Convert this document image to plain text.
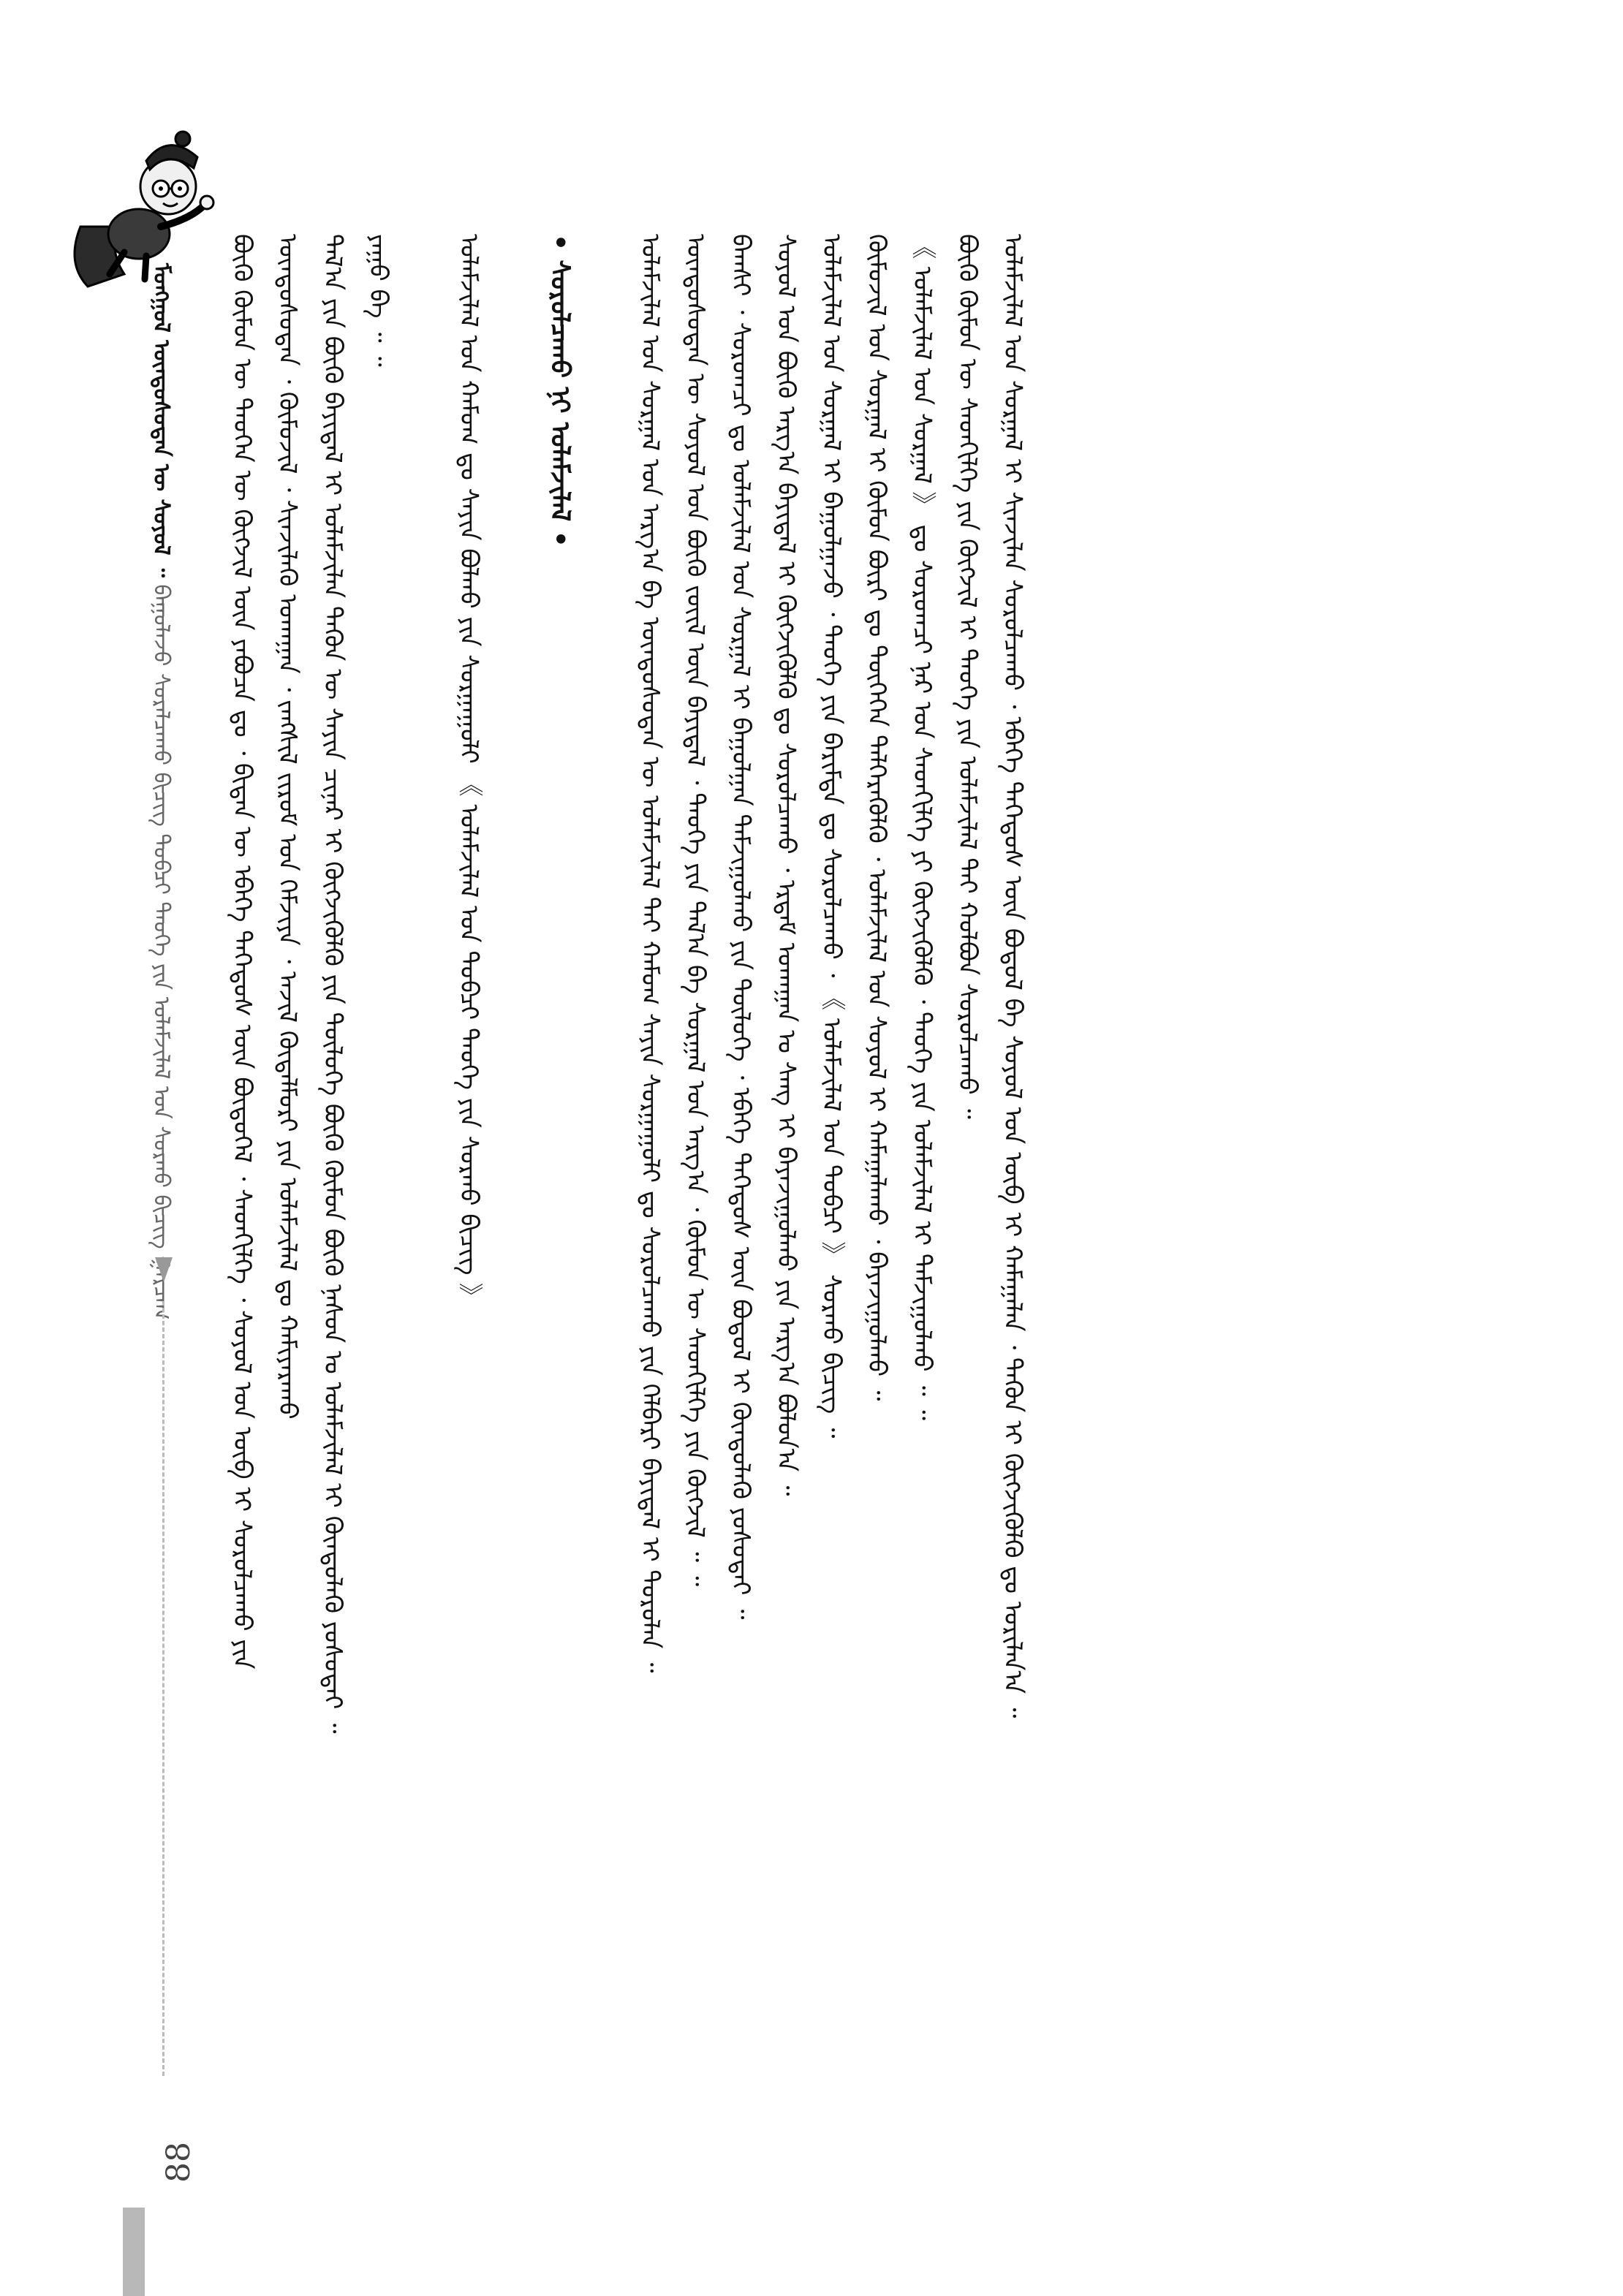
ᠮᠣᠩᠭᠣᠯ ᠦᠨᠳᠦᠰᠦᠲᠡᠨ ᠦ ᠰᠣᠶᠣᠯ ᠃ ᠪᠠᠭᠤᠯᠠᠵᠤ ᠰᠤᠷᠠᠯᠴᠠᠬᠤ ᠪᠢᠴᠢᠭ ᠲᠣᠪᠴᠢ ᠲᠡᠦᠬᠡ ᠶᠢᠨ ᠤᠯᠠᠮᠵᠢᠯᠠᠯ ᠤᠨ ᠰᠤᠷᠬᠤ ᠪᠢᠴᠢᠭ ᠭᠠᠷᠴᠠᠭ	ᠪᠦᠬᠦ ᠬᠦᠮᠦᠨ ᠦ ᠲᠡᠦᠬᠡᠨ ᠦ ᠬᠥᠭᠵᠢᠯ ᠦᠨ ᠶᠠᠪᠤᠴᠠ ᠳᠤ ᠂ ᠪᠢᠳᠡᠨ ᠦ ᠡᠪᠡᠭᠡ ᠳᠡᠭᠡᠳᠦᠰ ᠦᠨ ᠪᠦᠲᠦᠭᠡᠯ ᠂ ᠰᠡᠳᠬᠢᠯᠭᠡ ᠂ ᠰᠤᠶᠤᠯ ᠤᠨ ᠥᠪ ᠢ ᠰᠤᠷᠤᠯᠴᠠᠬᠤ ᠶᠢᠨ ᠦᠨᠳᠦᠰᠦᠲᠡᠨ ᠂ ᠬᠥᠮᠦᠵᠢᠯ ᠂ ᠰᠢᠨᠵᠢᠯᠡᠬᠦ ᠤᠬᠠᠭᠠᠨ ᠂ ᠵᠠᠩᠰᠢᠯ ᠵᠢᠷᠤᠮ ᠤᠨ ᠬᠡᠮᠵᠢᠶᠡ ᠂ ᠠᠵᠢᠯ ᠬᠥᠳᠡᠯᠮᠦᠷᠢ ᠶᠢᠨ ᠤᠯᠠᠮᠵᠢᠯᠠᠯ ᠳᠤ ᠬᠠᠮᠢᠶᠠᠷᠠᠬᠤ ᠲᠠᠯ᠎ᠠ ᠶᠢᠨ ᠪᠦᠬᠦ ᠪᠠᠶᠢᠳᠠᠯ ᠢ ᠤᠯᠠᠮᠵᠢᠯᠠᠨ ᠲᠡᠭᠦᠨ ᠦ ᠰᠠᠶᠢᠨ ᠴᠢᠨᠠᠷ ᠢ ᠬᠥᠭᠵᠢᠭᠦᠯᠬᠦ ᠶᠢᠨ ᠲᠥᠯᠦᠭᠡ ᠪᠦᠬᠦ ᠬᠦᠮᠦᠨ ᠪᠦᠬᠦ ᠨᠠᠰᠤᠨ ᠤ ᠤᠯᠠᠮᠵᠢᠯᠠᠯ ᠢ ᠬᠦᠨᠳᠦᠯᠡᠬᠦ ᠶᠣᠰᠣᠳᠠᠢ ᠃ ᠶᠠᠭᠤ ᠪᠡ ᠃ ᠃	ᠤᠯᠠᠮᠵᠢᠯᠠᠯ ᠤᠨ ᠬᠠᠮᠤᠭ ᠳᠤ ᠰᠠᠶᠢᠨ ᠪᠣᠯᠬᠤ ᠶᠢᠨ ᠰᠤᠷᠭᠠᠭᠤᠯᠢ 《 ᠤᠯᠠᠮᠵᠢᠯᠠᠯ ᠤᠨ ᠲᠣᠪᠴᠢ ᠲᠡᠦᠬᠡ ᠶᠢᠨ ᠰᠤᠷᠬᠤ ᠪᠢᠴᠢᠭ 》	• ᠰᠤᠷᠤᠯᠴᠠᠬᠤ ᠨᠢ ᠤᠯᠠᠮᠵᠢᠯᠠᠯ •	ᠤᠯᠠᠮᠵᠢᠯᠠᠯ ᠤᠨ ᠰᠤᠷᠭᠠᠯ ᠤᠨ ᠠᠷᠭ᠎ᠠ ᠪᠠ ᠦᠨᠳᠦᠰᠦᠲᠡᠨ ᠦ ᠤᠯᠠᠮᠵᠢᠯᠠᠯ ᠲᠠᠢ ᠬᠠᠮᠤᠭ ᠰᠠᠶᠢᠨ ᠰᠤᠷᠭᠠᠭᠤᠯᠢ ᠳᠤ ᠰᠤᠷᠤᠯᠴᠠᠬᠤ ᠶᠢᠨ ᠬᠡᠯᠪᠡᠷᠢ ᠪᠠᠶᠢᠳᠠᠯ ᠢ ᠳᠣᠷᠤᠯᠠᠨ ᠃ ᠦᠨᠳᠦᠰᠦᠲᠡᠨ ᠦ ᠰᠤᠶᠤᠯ ᠤᠨ ᠪᠦᠬᠦ ᠵᠦᠢᠯ ᠦᠨ ᠪᠠᠶᠢᠳᠠᠯ ᠂ ᠲᠡᠦᠬᠡ ᠶᠢᠨ ᠲᠠᠯ᠎ᠠ ᠪᠠ ᠰᠤᠷᠭᠠᠯ ᠤᠨ ᠠᠷᠭ᠎ᠠ ᠂ ᠬᠦᠮᠦᠨ ᠦ ᠰᠡᠳᠬᠢᠯᠭᠡ ᠶᠢᠨ ᠬᠥᠭᠵᠢᠯ ᠃ ᠃ ᠪᠠᠭᠰᠢ ᠂ ᠰᠤᠷᠤᠭᠴᠢ ᠳᠤ ᠤᠯᠠᠮᠵᠢᠯᠠᠯ ᠤᠨ ᠰᠤᠷᠭᠠᠯ ᠢ ᠪᠠᠭᠤᠯᠭᠠᠨ ᠳᠠᠮᠵᠢᠭᠤᠯᠬᠤ ᠶᠢᠨ ᠲᠥᠯᠦᠭᠡ ᠂ ᠡᠪᠡᠭᠡ ᠳᠡᠭᠡᠳᠦᠰ ᠦᠨ ᠪᠣᠳᠤᠯ ᠢ ᠬᠦᠨᠳᠦᠯᠡᠬᠦ ᠶᠣᠰᠣᠳᠠᠢ ᠃ ᠰᠤᠶᠤᠯ ᠤᠨ ᠪᠦᠬᠦ ᠠᠷᠭ᠎ᠠ ᠪᠠᠶᠢᠳᠠᠯ ᠢ ᠬᠥᠭᠵᠢᠭᠦᠯᠬᠦ ᠳᠤ ᠰᠤᠷᠤᠯᠴᠠᠬᠤ ᠂ ᠡᠷᠳᠡᠮ ᠤᠬᠠᠭᠠᠨ ᠤ ᠰᠠᠩ ᠢ ᠪᠠᠶᠠᠵᠢᠭᠤᠯᠬᠤ ᠶᠢᠨ ᠠᠷᠭ᠎ᠠ ᠪᠣᠯᠤᠨ᠎ᠠ ᠃ ᠤᠯᠠᠮᠵᠢᠯᠠᠯ ᠤᠨ ᠰᠤᠷᠭᠠᠯ ᠢ ᠪᠠᠭᠤᠯᠭᠠᠵᠤ ᠂ ᠲᠡᠦᠬᠡ ᠶᠢᠨ ᠪᠠᠷᠢᠮᠲᠠ ᠳᠤ ᠰᠤᠷᠤᠯᠴᠠᠬᠤ ᠂ 《 ᠤᠯᠠᠮᠵᠢᠯᠠᠯ ᠤᠨ ᠲᠣᠪᠴᠢ 》 ᠰᠤᠷᠬᠤ ᠪᠢᠴᠢᠭ ᠃ ᠬᠥᠮᠦᠵᠢᠯ ᠤᠨ ᠰᠤᠷᠭᠠᠯ ᠢ ᠬᠦᠮᠦᠨ ᠪᠦᠷᠢ ᠳᠤ ᠲᠦᠭᠡᠭᠡᠨ ᠳᠡᠯᠭᠡᠷᠡᠭᠦᠯᠬᠦ ᠂ ᠤᠯᠠᠮᠵᠢᠯᠠᠯ ᠤᠨ ᠰᠤᠶᠤᠯ ᠢ ᠬᠠᠮᠠᠭᠠᠯᠠᠬᠤ ᠂ ᠪᠠᠶᠠᠵᠢᠭᠤᠯᠬᠤ ᠃ 《 ᠤᠯᠠᠮᠵᠢᠯᠠᠯ ᠤᠨ ᠰᠤᠷᠭᠠᠯ 》 ᠳᠤ ᠰᠤᠷᠤᠭᠴᠢ ᠨᠠᠷ ᠤᠨ ᠰᠡᠳᠬᠢᠯᠭᠡ ᠶᠢ ᠬᠥᠭᠵᠢᠭᠦᠯᠬᠦ ᠂ ᠲᠡᠦᠬᠡ ᠶᠢᠨ ᠤᠯᠠᠮᠵᠢᠯᠠᠯ ᠢ ᠳᠠᠮᠵᠢᠭᠤᠯᠬᠤ ᠃ ᠃ ᠪᠦᠬᠦ ᠬᠦᠮᠦᠨ ᠦ ᠰᠡᠳᠬᠢᠯᠭᠡ ᠶᠢᠨ ᠬᠥᠭᠵᠢᠯ ᠢ ᠲᠡᠦᠬᠡ ᠶᠢᠨ ᠤᠯᠠᠮᠵᠢᠯᠠᠯ ᠲᠠᠢ ᠬᠤᠯᠪᠤᠨ ᠰᠤᠷᠤᠯᠴᠠᠬᠤ ᠃ ᠤᠯᠠᠮᠵᠢᠯᠠᠯ ᠤᠨ ᠰᠤᠷᠭᠠᠯ ᠢ ᠰᠢᠨᠵᠢᠯᠡᠨ ᠰᠤᠷᠤᠯᠴᠠᠬᠤ ᠂ ᠡᠪᠡᠭᠡ ᠳᠡᠭᠡᠳᠦᠰ ᠦᠨ ᠪᠣᠳᠤᠯ ᠪᠠ ᠰᠤᠶᠤᠯ ᠤᠨ ᠥᠪ ᠢ ᠬᠠᠮᠠᠭᠠᠯᠠᠨ ᠂ ᠲᠡᠭᠦᠨ ᠢ ᠬᠥᠭᠵᠢᠭᠦᠯᠬᠦ ᠳᠤ ᠤᠷᠢᠯᠠᠨ᠎ᠠ ᠃
88
